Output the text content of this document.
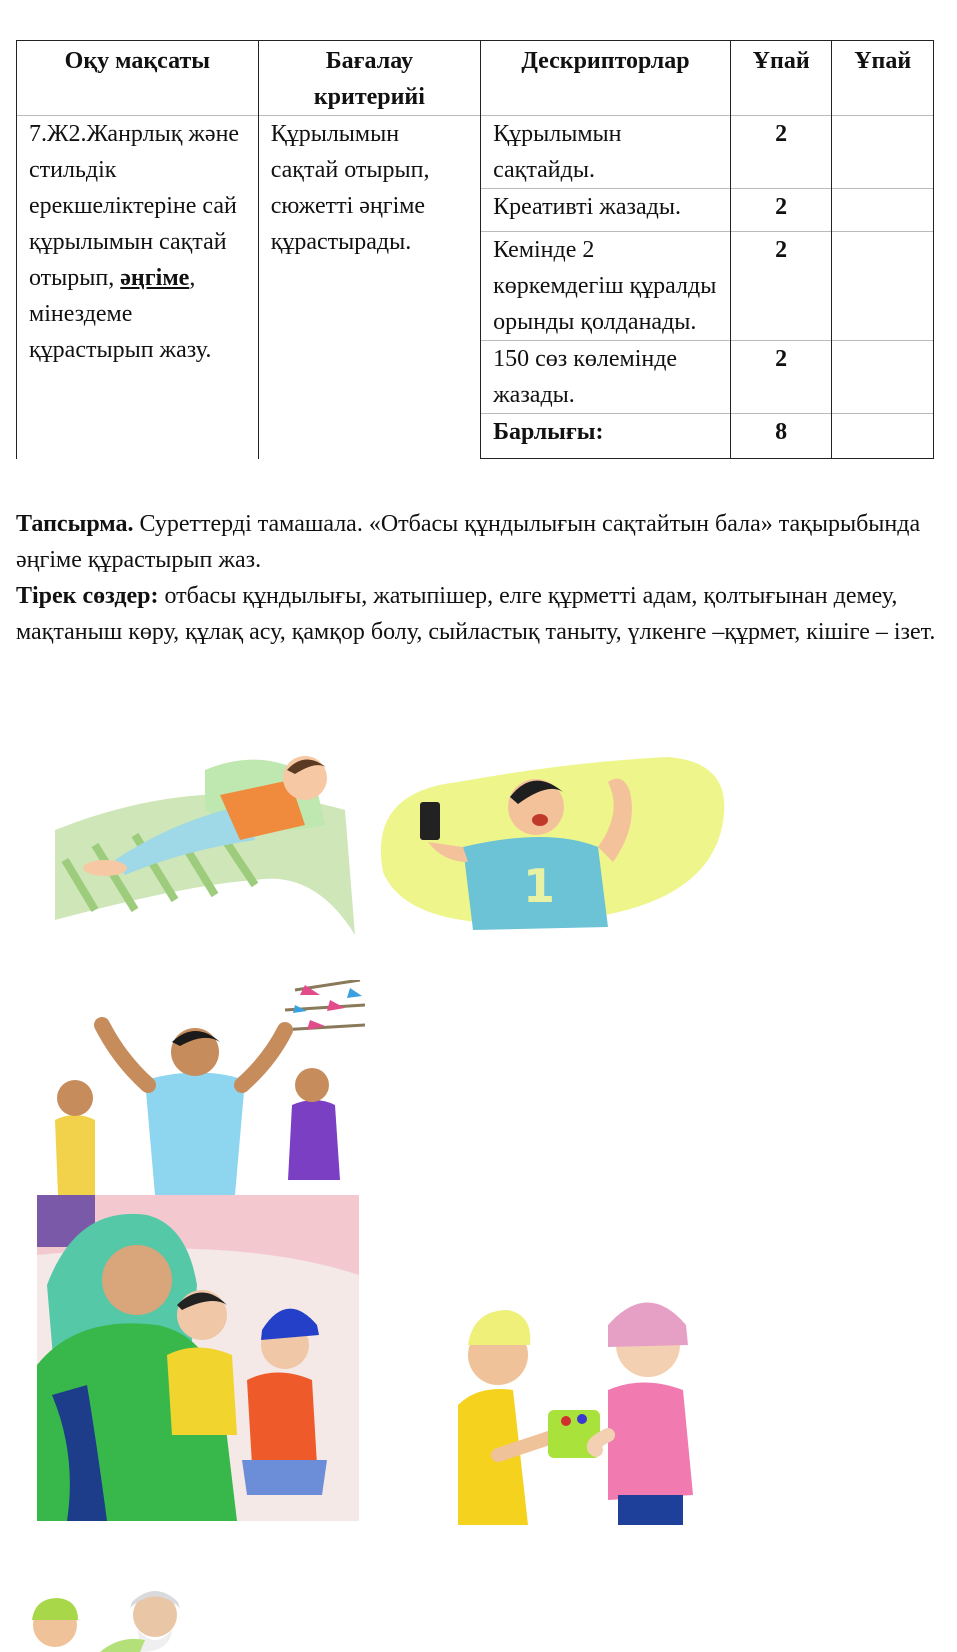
Оқу мақсаты	Бағалау критерийі	Дескрипторлар	Ұпай	Ұпай
7.Ж2.Жанрлық және стильдік ерекшеліктеріне сай құрылымын сақтай отырып, әңгіме, мінездеме құрастырып жазу.	Құрылымын сақтай отырып, сюжетті әңгіме құрастырады.	Құрылымын сақтайды.	2	
		Креативті жазады.	2	
		Кемінде 2 көркемдегіш құралды орынды қолданады.	2	
		150 сөз көлемінде жазады.	2	
		Барлығы:	8	

Тапсырма. Суреттерді тамашала. «Отбасы құндылығын сақтайтын бала» тақырыбында әңгіме құрастырып жаз.

Тірек сөздер: отбасы құндылығы, жатыпішер, елге құрметті адам, қолтығынан демеу, мақтаныш көру, құлақ асу, қамқор болу, сыйластық таныту, үлкенге –құрмет, кішіге – ізет.

1
